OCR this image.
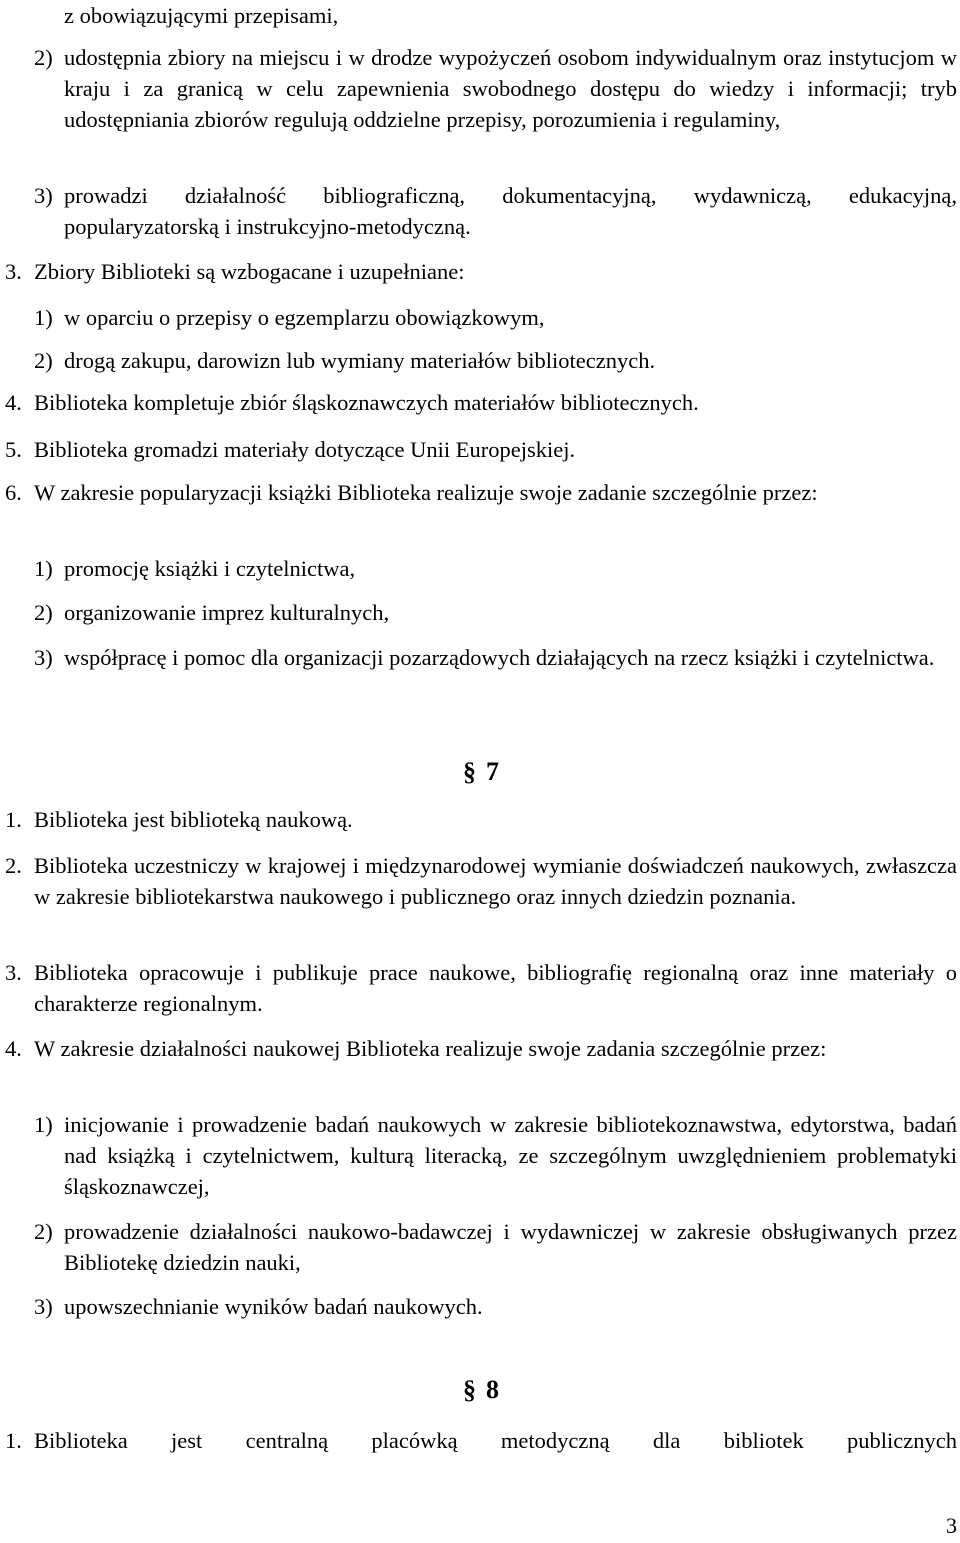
z obowiązującymi przepisami,
2) udostępnia zbiory na miejscu i w drodze wypożyczeń osobom indywidualnym oraz instytucjom w kraju i za granicą w celu zapewnienia swobodnego dostępu do wiedzy i informacji; tryb udostępniania zbiorów regulują oddzielne przepisy, porozumienia i regulaminy,
3) prowadzi działalność bibliograficzną, dokumentacyjną, wydawniczą, edukacyjną, popularyzatorską i instrukcyjno-metodyczną.
3. Zbiory Biblioteki są wzbogacane i uzupełniane:
1) w oparciu o przepisy o egzemplarzu obowiązkowym,
2) drogą zakupu, darowizn lub wymiany materiałów bibliotecznych.
4. Biblioteka kompletuje zbiór śląskoznawczych materiałów bibliotecznych.
5. Biblioteka gromadzi materiały dotyczące Unii Europejskiej.
6. W zakresie popularyzacji książki Biblioteka realizuje swoje zadanie szczególnie przez:
1) promocję książki i czytelnictwa,
2) organizowanie imprez kulturalnych,
3) współpracę i pomoc dla organizacji pozarządowych działających na rzecz książki i czytelnictwa.
§ 7
1. Biblioteka jest biblioteką naukową.
2. Biblioteka uczestniczy w krajowej i międzynarodowej wymianie doświadczeń naukowych, zwłaszcza w zakresie bibliotekarstwa naukowego i publicznego oraz innych dziedzin poznania.
3. Biblioteka opracowuje i publikuje prace naukowe, bibliografię regionalną oraz inne materiały o charakterze regionalnym.
4. W zakresie działalności naukowej Biblioteka realizuje swoje zadania szczególnie przez:
1) inicjowanie i prowadzenie badań naukowych w zakresie bibliotekoznawstwa, edytorstwa, badań nad książką i czytelnictwem, kulturą literacką, ze szczególnym uwzględnieniem problematyki śląskoznawczej,
2) prowadzenie działalności naukowo-badawczej i wydawniczej w zakresie obsługiwanych przez Bibliotekę dziedzin nauki,
3) upowszechnianie wyników badań naukowych.
§ 8
1. Biblioteka jest centralną placówką metodyczną dla bibliotek publicznych
3
